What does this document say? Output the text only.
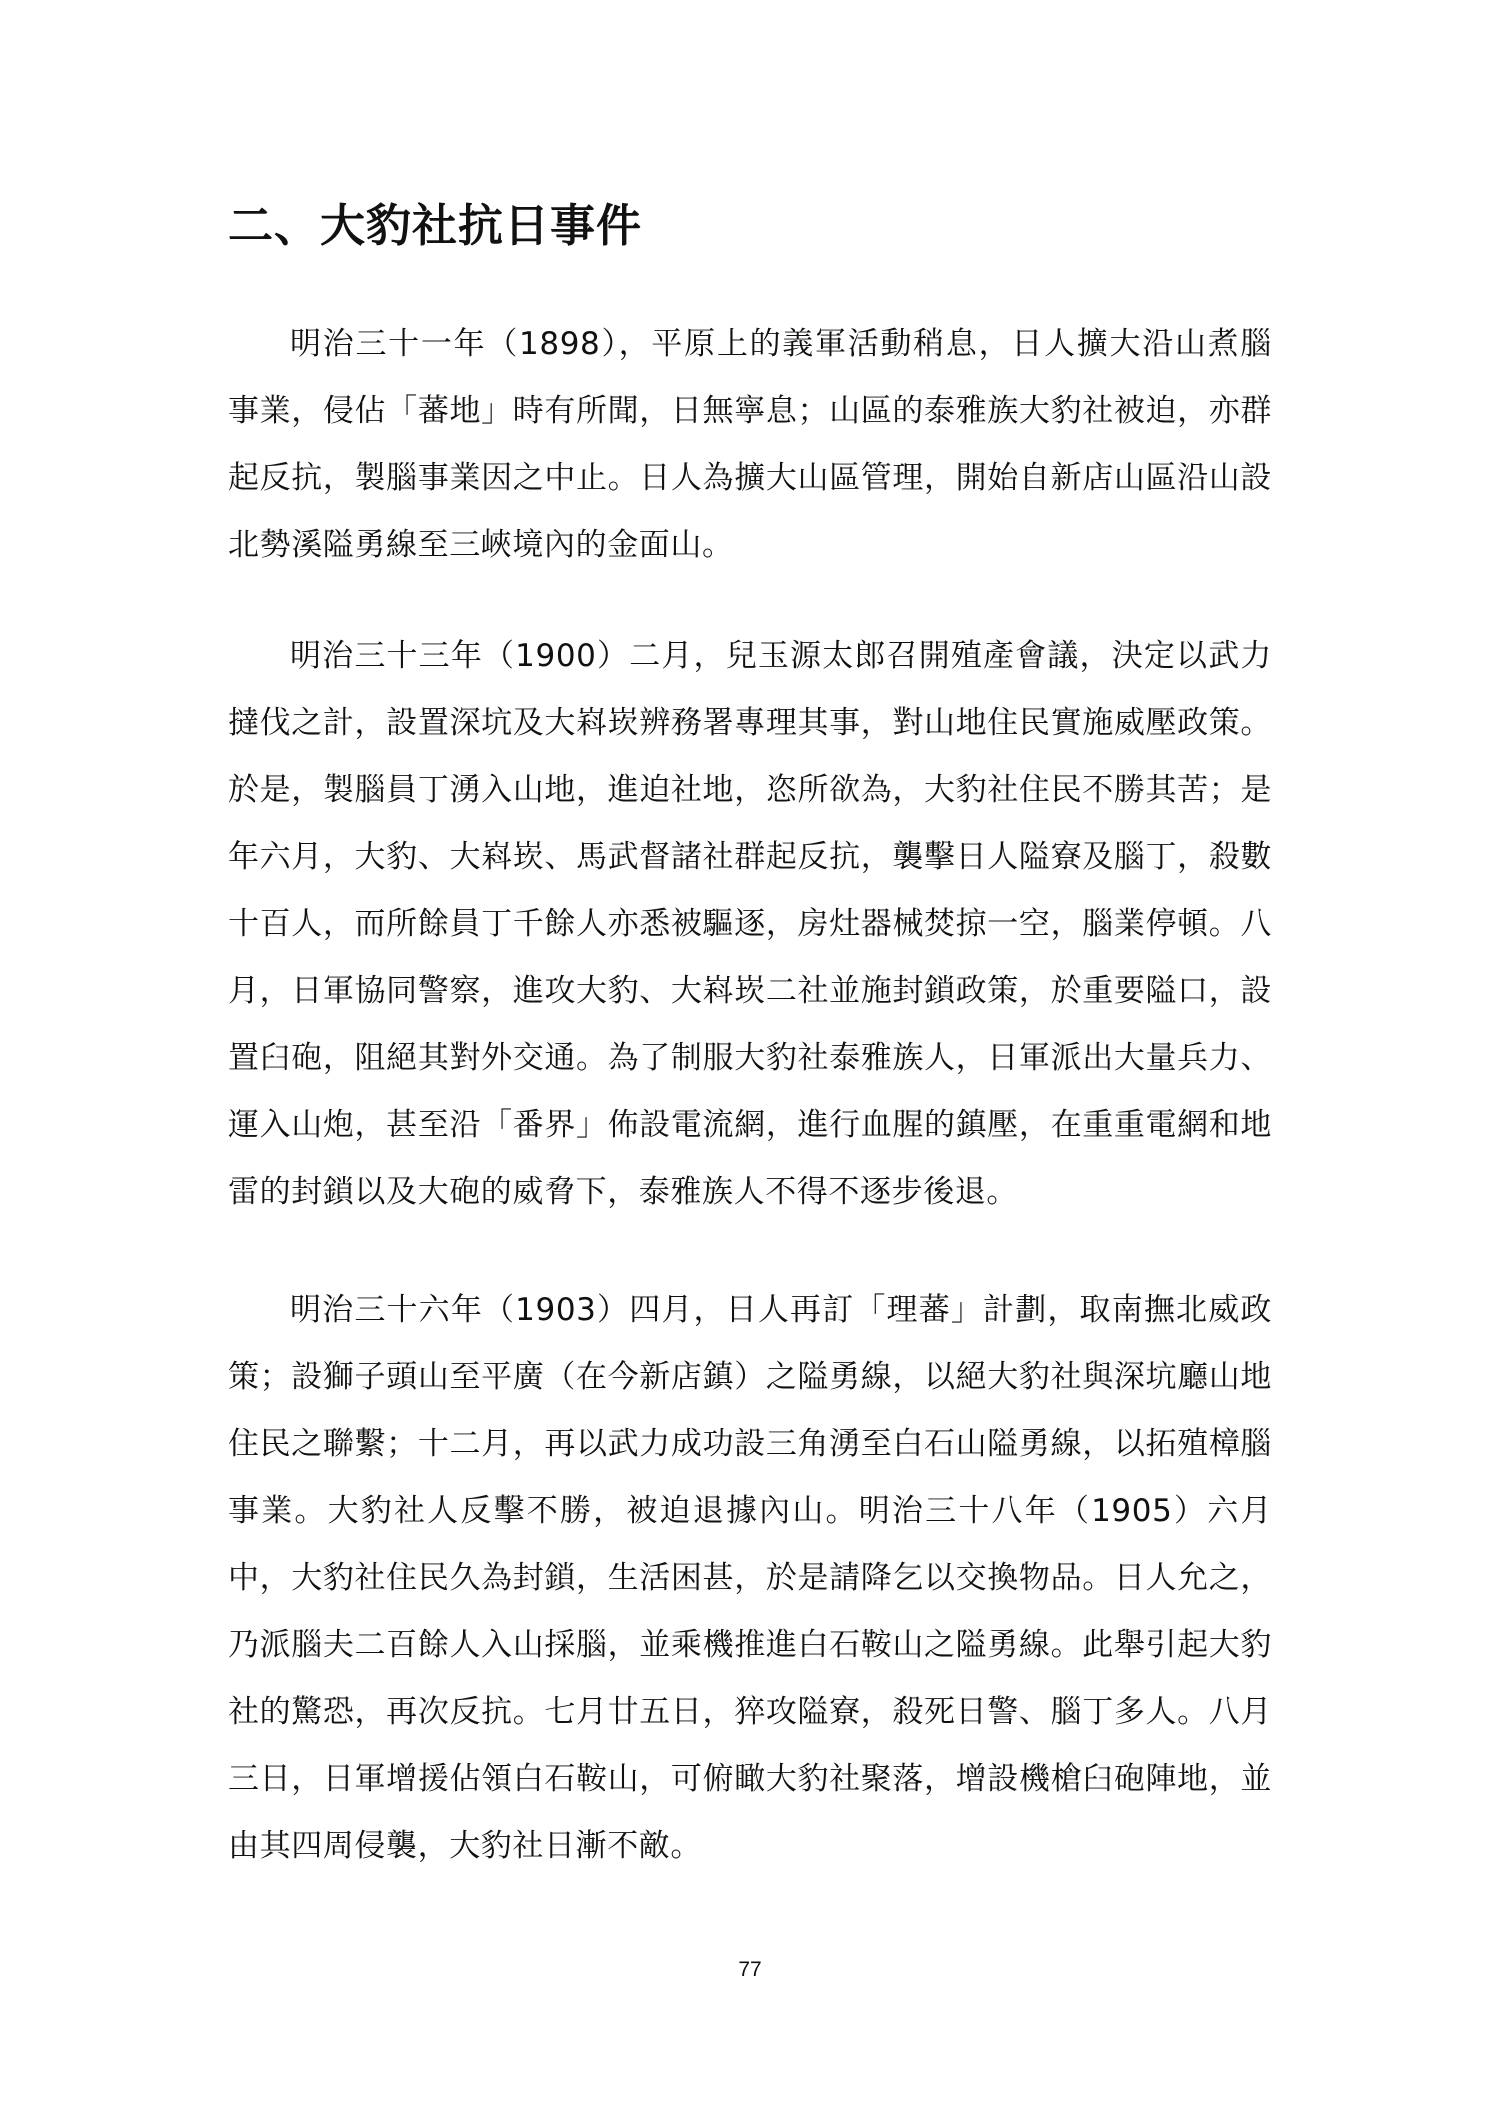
二、大豹社抗日事件

明治三十一年（1898），平原上的義軍活動稍息，日人擴大沿山煮腦事業，侵佔「蕃地」時有所聞，日無寧息；山區的泰雅族大豹社被迫，亦群起反抗，製腦事業因之中止。日人為擴大山區管理，開始自新店山區沿山設北勢溪隘勇線至三峽境內的金面山。

明治三十三年（1900）二月，兒玉源太郎召開殖產會議，決定以武力撻伐之計，設置深坑及大嵙崁辨務署專理其事，對山地住民實施威壓政策。於是，製腦員丁湧入山地，進迫社地，恣所欲為，大豹社住民不勝其苦；是年六月，大豹、大嵙崁、馬武督諸社群起反抗，襲擊日人隘寮及腦丁，殺數十百人，而所餘員丁千餘人亦悉被驅逐，房灶器械焚掠一空，腦業停頓。八月，日軍協同警察，進攻大豹、大嵙崁二社並施封鎖政策，於重要隘口，設置臼砲，阻絕其對外交通。為了制服大豹社泰雅族人，日軍派出大量兵力、運入山炮，甚至沿「番界」佈設電流網，進行血腥的鎮壓，在重重電網和地雷的封鎖以及大砲的威脅下，泰雅族人不得不逐步後退。

明治三十六年（1903）四月，日人再訂「理蕃」計劃，取南撫北威政策；設獅子頭山至平廣（在今新店鎮）之隘勇線，以絕大豹社與深坑廳山地住民之聯繫；十二月，再以武力成功設三角湧至白石山隘勇線，以拓殖樟腦事業。大豹社人反擊不勝，被迫退據內山。明治三十八年（1905）六月中，大豹社住民久為封鎖，生活困甚，於是請降乞以交換物品。日人允之，乃派腦夫二百餘人入山採腦，並乘機推進白石鞍山之隘勇線。此舉引起大豹社的驚恐，再次反抗。七月廿五日，猝攻隘寮，殺死日警、腦丁多人。八月三日，日軍增援佔領白石鞍山，可俯瞰大豹社聚落，增設機槍臼砲陣地，並由其四周侵襲，大豹社日漸不敵。

77
